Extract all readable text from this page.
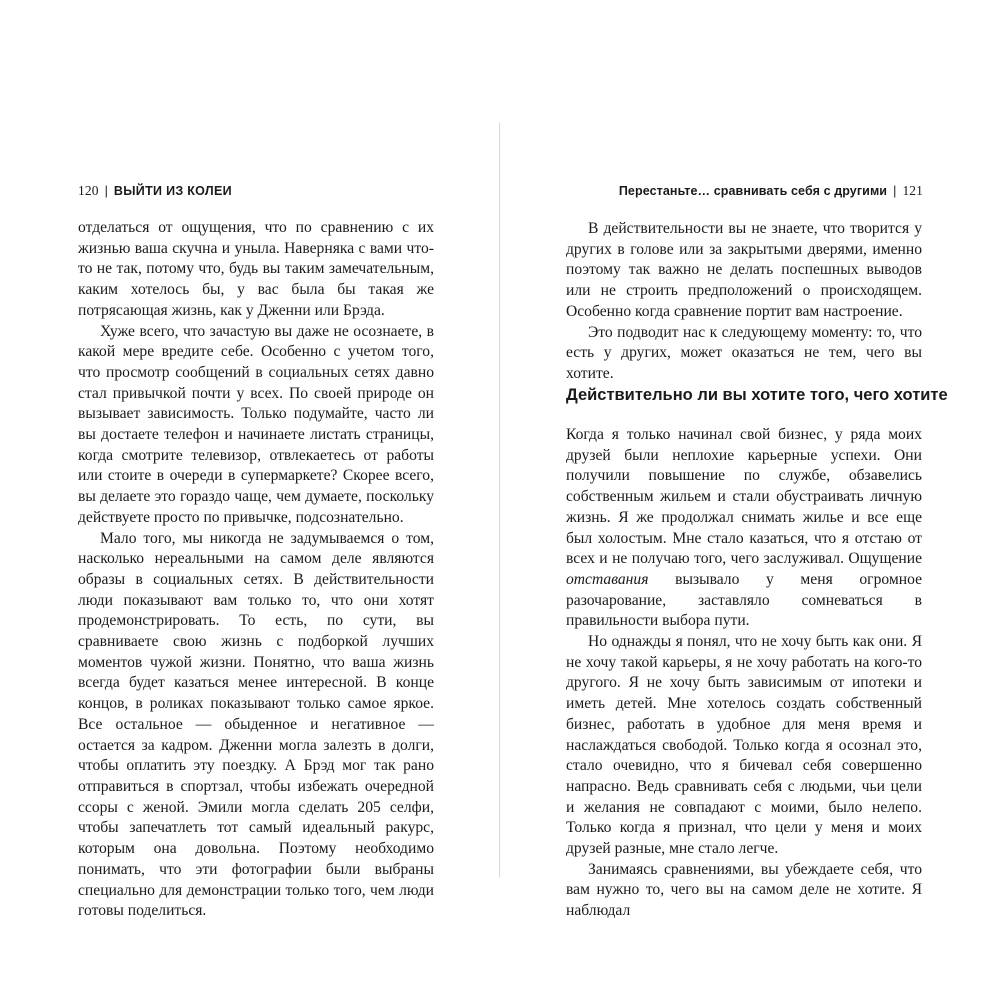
120 | ВЫЙТИ ИЗ КОЛЕИ

отделаться от ощущения, что по сравнению с их жизнью ваша скучна и уныла. Наверняка с вами что-то не так, потому что, будь вы таким замечательным, каким хотелось бы, у вас была бы такая же потрясающая жизнь, как у Дженни или Брэда.

Хуже всего, что зачастую вы даже не осознаете, в какой мере вредите себе. Особенно с учетом того, что просмотр сообщений в социальных сетях давно стал привычкой почти у всех. По своей природе он вызывает зависимость. Только подумайте, часто ли вы достаете телефон и начинаете листать страницы, когда смотрите телевизор, отвлекаетесь от работы или стоите в очереди в супермаркете? Скорее всего, вы делаете это гораздо чаще, чем думаете, поскольку действуете просто по привычке, подсознательно.

Мало того, мы никогда не задумываемся о том, насколько нереальными на самом деле являются образы в социальных сетях. В действительности люди показывают вам только то, что они хотят продемонстрировать. То есть, по сути, вы сравниваете свою жизнь с подборкой лучших моментов чужой жизни. Понятно, что ваша жизнь всегда будет казаться менее интересной. В конце концов, в роликах показывают только самое яркое. Все остальное — обыденное и негативное — остается за кадром. Дженни могла залезть в долги, чтобы оплатить эту поездку. А Брэд мог так рано отправиться в спортзал, чтобы избежать очередной ссоры с женой. Эмили могла сделать 205 селфи, чтобы запечатлеть тот самый идеальный ракурс, которым она довольна. Поэтому необходимо понимать, что эти фотографии были выбраны специально для демонстрации только того, чем люди готовы поделиться.

Перестаньте… сравнивать себя с другими | 121

В действительности вы не знаете, что творится у других в голове или за закрытыми дверями, именно поэтому так важно не делать поспешных выводов или не строить предположений о происходящем. Особенно когда сравнение портит вам настроение.

Это подводит нас к следующему моменту: то, что есть у других, может оказаться не тем, чего вы хотите.

Действительно ли вы хотите того, чего хотите

Когда я только начинал свой бизнес, у ряда моих друзей были неплохие карьерные успехи. Они получили повышение по службе, обзавелись собственным жильем и стали обустраивать личную жизнь. Я же продолжал снимать жилье и все еще был холостым. Мне стало казаться, что я отстаю от всех и не получаю того, чего заслуживал. Ощущение отставания вызывало у меня огромное разочарование, заставляло сомневаться в правильности выбора пути.

Но однажды я понял, что не хочу быть как они. Я не хочу такой карьеры, я не хочу работать на кого-то другого. Я не хочу быть зависимым от ипотеки и иметь детей. Мне хотелось создать собственный бизнес, работать в удобное для меня время и наслаждаться свободой. Только когда я осознал это, стало очевидно, что я бичевал себя совершенно напрасно. Ведь сравнивать себя с людьми, чьи цели и желания не совпадают с моими, было нелепо. Только когда я признал, что цели у меня и моих друзей разные, мне стало легче.

Занимаясь сравнениями, вы убеждаете себя, что вам нужно то, чего вы на самом деле не хотите. Я наблюдал
